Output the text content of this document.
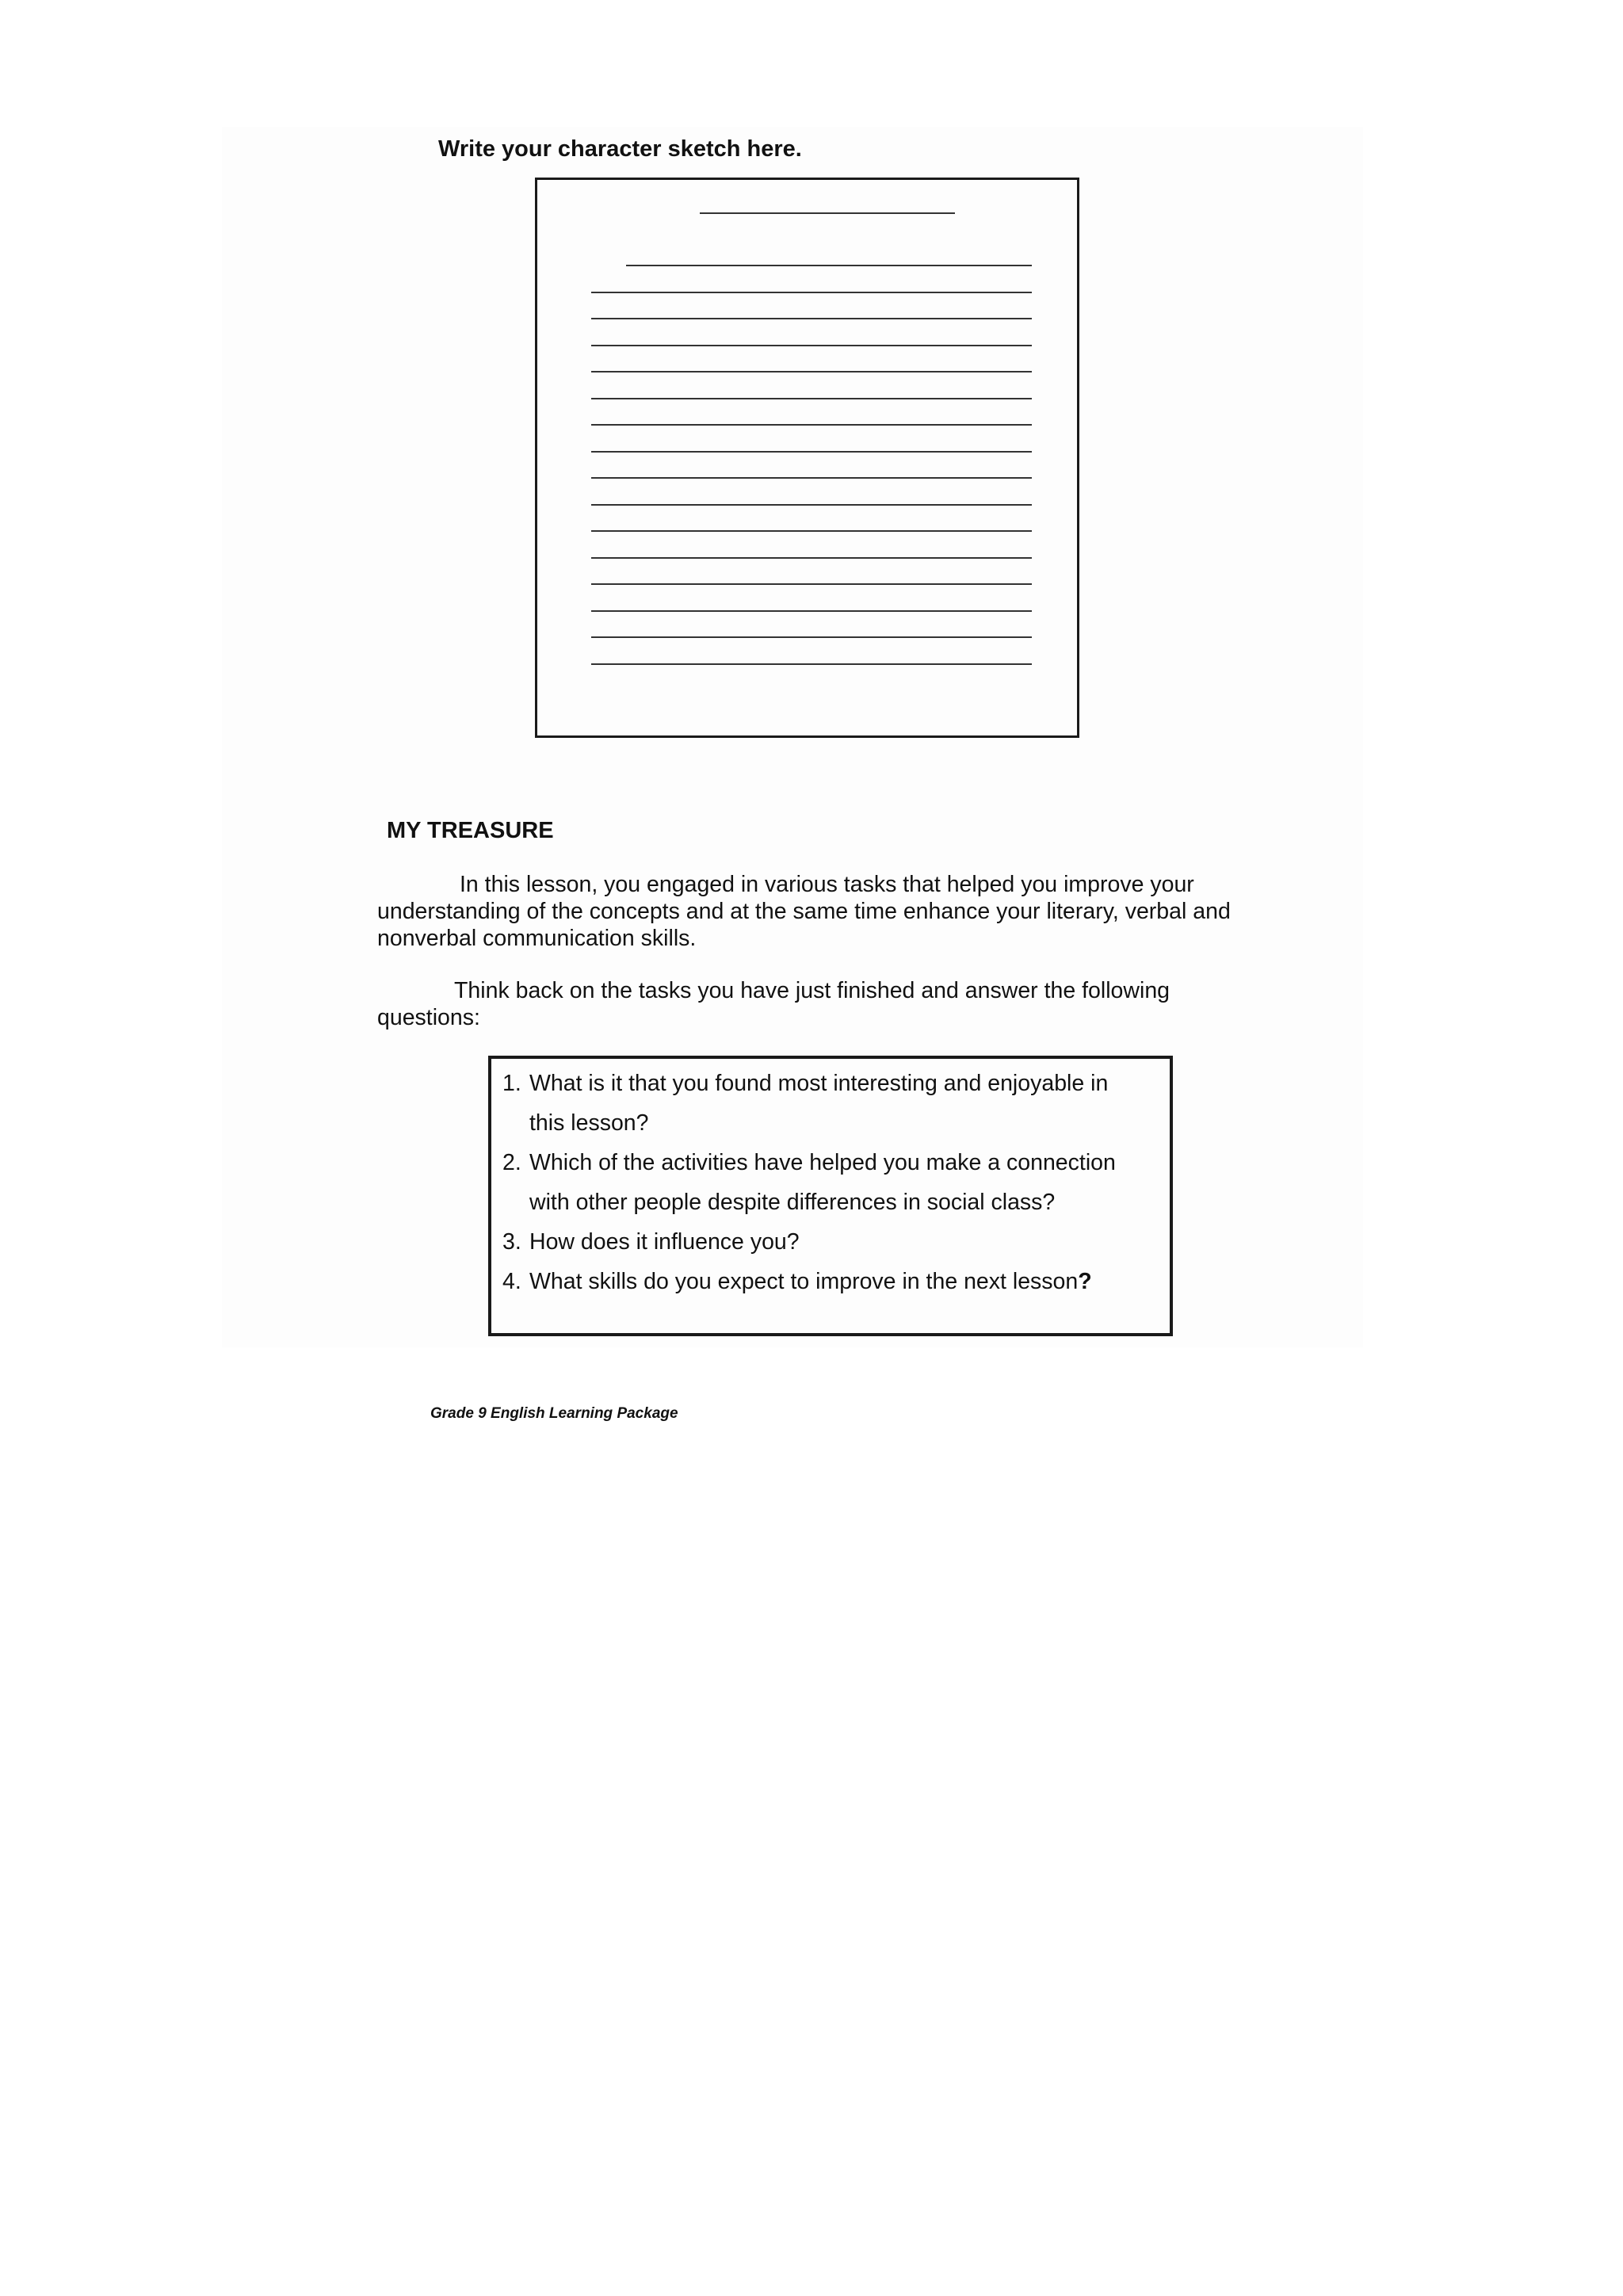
Write your character sketch here.
MY TREASURE

In this lesson, you engaged in various tasks that helped you improve your
understanding of the concepts and at the same time enhance your literary, verbal and
nonverbal communication skills.

Think back on the tasks you have just finished and answer the following
questions:

1. What is it that you found most interesting and enjoyable in
this lesson?
2. Which of the activities have helped you make a connection
with other people despite differences in social class?
3. How does it influence you?
4. What skills do you expect to improve in the next lesson?
Grade 9 English Learning Package
